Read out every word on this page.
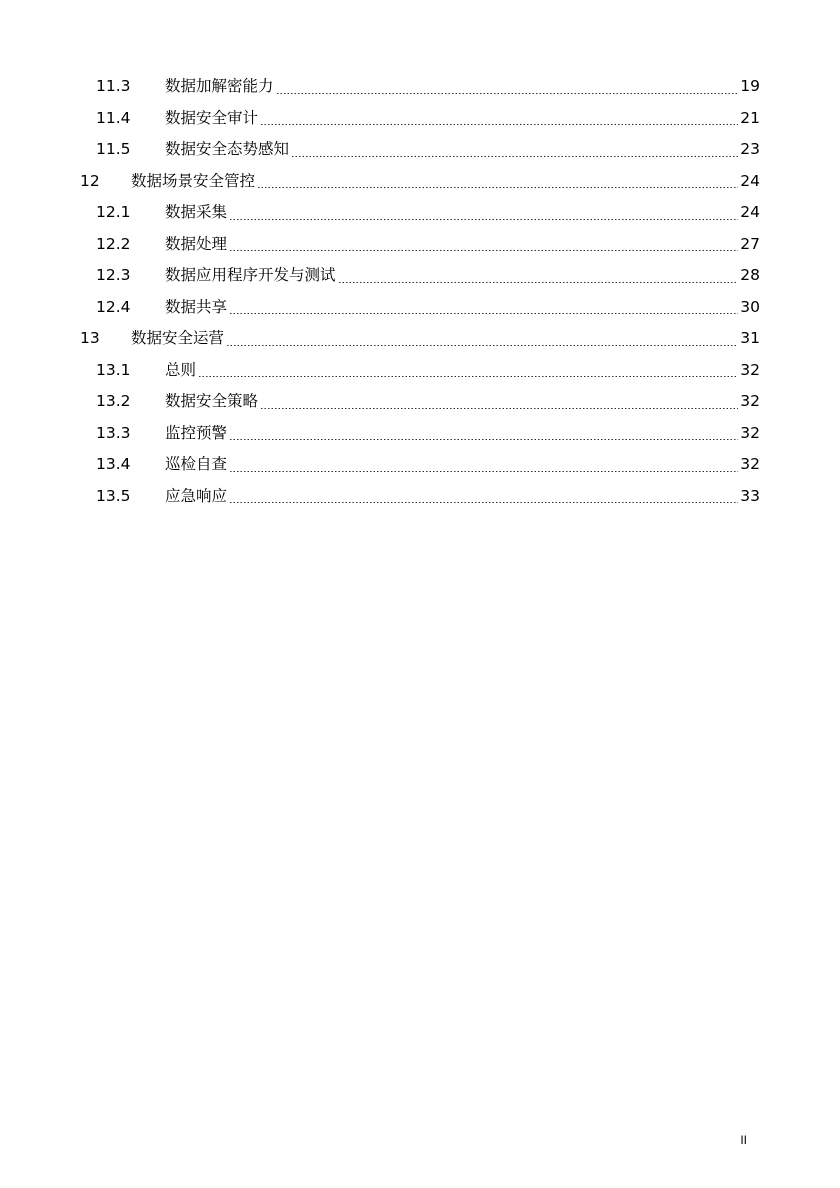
11.3	数据加解密能力	19
11.4	数据安全审计	21
11.5	数据安全态势感知	23
12	数据场景安全管控	24
12.1	数据采集	24
12.2	数据处理	27
12.3	数据应用程序开发与测试	28
12.4	数据共享	30
13	数据安全运营	31
13.1	总则	32
13.2	数据安全策略	32
13.3	监控预警	32
13.4	巡检自查	32
13.5	应急响应	33
II
